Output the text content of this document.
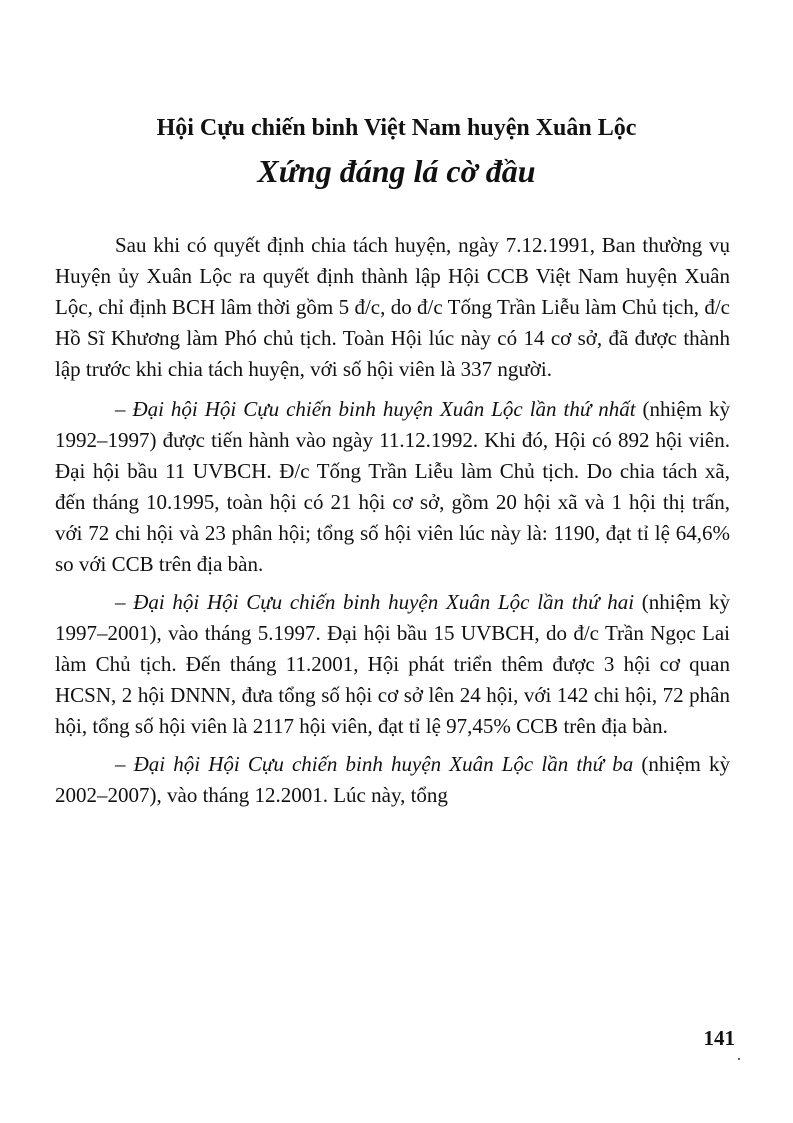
Hội Cựu chiến binh Việt Nam huyện Xuân Lộc
Xứng đáng lá cờ đầu

Sau khi có quyết định chia tách huyện, ngày 7.12.1991, Ban thường vụ Huyện ủy Xuân Lộc ra quyết định thành lập Hội CCB Việt Nam huyện Xuân Lộc, chỉ định BCH lâm thời gồm 5 đ/c, do đ/c Tống Trần Liễu làm Chủ tịch, đ/c Hồ Sĩ Khương làm Phó chủ tịch. Toàn Hội lúc này có 14 cơ sở, đã được thành lập trước khi chia tách huyện, với số hội viên là 337 người.

– Đại hội Hội Cựu chiến binh huyện Xuân Lộc lần thứ nhất (nhiệm kỳ 1992–1997) được tiến hành vào ngày 11.12.1992. Khi đó, Hội có 892 hội viên. Đại hội bầu 11 UVBCH. Đ/c Tống Trần Liễu làm Chủ tịch. Do chia tách xã, đến tháng 10.1995, toàn hội có 21 hội cơ sở, gồm 20 hội xã và 1 hội thị trấn, với 72 chi hội và 23 phân hội; tổng số hội viên lúc này là: 1190, đạt tỉ lệ 64,6% so với CCB trên địa bàn.

– Đại hội Hội Cựu chiến binh huyện Xuân Lộc lần thứ hai (nhiệm kỳ 1997–2001), vào tháng 5.1997. Đại hội bầu 15 UVBCH, do đ/c Trần Ngọc Lai làm Chủ tịch. Đến tháng 11.2001, Hội phát triển thêm được 3 hội cơ quan HCSN, 2 hội DNNN, đưa tổng số hội cơ sở lên 24 hội, với 142 chi hội, 72 phân hội, tổng số hội viên là 2117 hội viên, đạt tỉ lệ 97,45% CCB trên địa bàn.

– Đại hội Hội Cựu chiến binh huyện Xuân Lộc lần thứ ba (nhiệm kỳ 2002–2007), vào tháng 12.2001. Lúc này, tổng

141
